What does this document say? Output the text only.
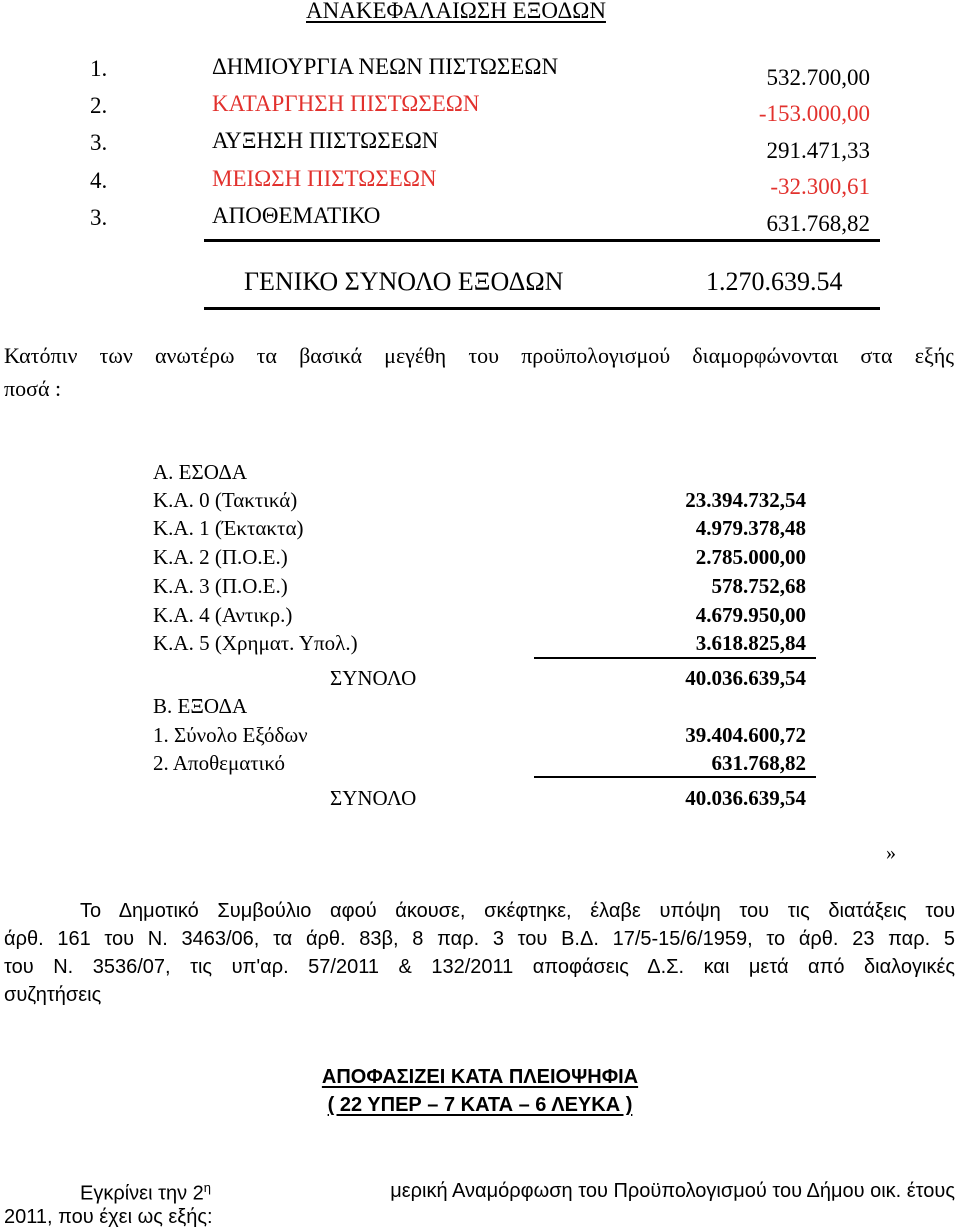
ΑΝΑΚΕΦΑΛΑΙΩΣΗ ΕΞΟΔΩΝ
1.	ΔΗΜΙΟΥΡΓΙΑ ΝΕΩΝ ΠΙΣΤΩΣΕΩΝ	532.700,00
2.	ΚΑΤΑΡΓΗΣΗ ΠΙΣΤΩΣΕΩΝ	-153.000,00
3.	ΑΥΞΗΣΗ ΠΙΣΤΩΣΕΩΝ	291.471,33
4.	ΜΕΙΩΣΗ ΠΙΣΤΩΣΕΩΝ	-32.300,61
3.	ΑΠΟΘΕΜΑΤΙΚΟ	631.768,82
ΓΕΝΙΚΟ ΣΥΝΟΛΟ ΕΞΟΔΩΝ	1.270.639.54
Κατόπιν των ανωτέρω τα βασικά μεγέθη του προϋπολογισμού διαμορφώνονται στα εξής
ποσά :
Α. ΕΣΟΔΑ
Κ.Α. 0 (Τακτικά)	23.394.732,54
Κ.Α. 1 (Έκτακτα)	4.979.378,48
Κ.Α. 2 (Π.Ο.Ε.)	2.785.000,00
Κ.Α. 3 (Π.Ο.Ε.)	578.752,68
Κ.Α. 4 (Αντικρ.)	4.679.950,00
Κ.Α. 5 (Χρηματ. Υπολ.)	3.618.825,84
ΣΥΝΟΛΟ	40.036.639,54
Β. ΕΞΟΔΑ
1. Σύνολο Εξόδων	39.404.600,72
2. Αποθεματικό	631.768,82
ΣΥΝΟΛΟ	40.036.639,54
»
Το Δημοτικό Συμβούλιο αφού άκουσε, σκέφτηκε, έλαβε υπόψη του τις διατάξεις του
άρθ. 161 του Ν. 3463/06, τα άρθ. 83β, 8 παρ. 3 του Β.Δ. 17/5-15/6/1959, το άρθ. 23 παρ. 5
του Ν. 3536/07, τις υπ'αρ. 57/2011 & 132/2011 αποφάσεις Δ.Σ. και μετά από διαλογικές
συζητήσεις
ΑΠΟΦΑΣΙΖΕΙ ΚΑΤΑ ΠΛΕΙΟΨΗΦΙΑ
( 22 ΥΠΕΡ – 7 ΚΑΤΑ – 6 ΛΕΥΚΑ )
Εγκρίνει την $2^\eta$	μερική Αναμόρφωση του Προϋπολογισμού του Δήμου οικ. έτους
2011, που έχει ως εξής:
